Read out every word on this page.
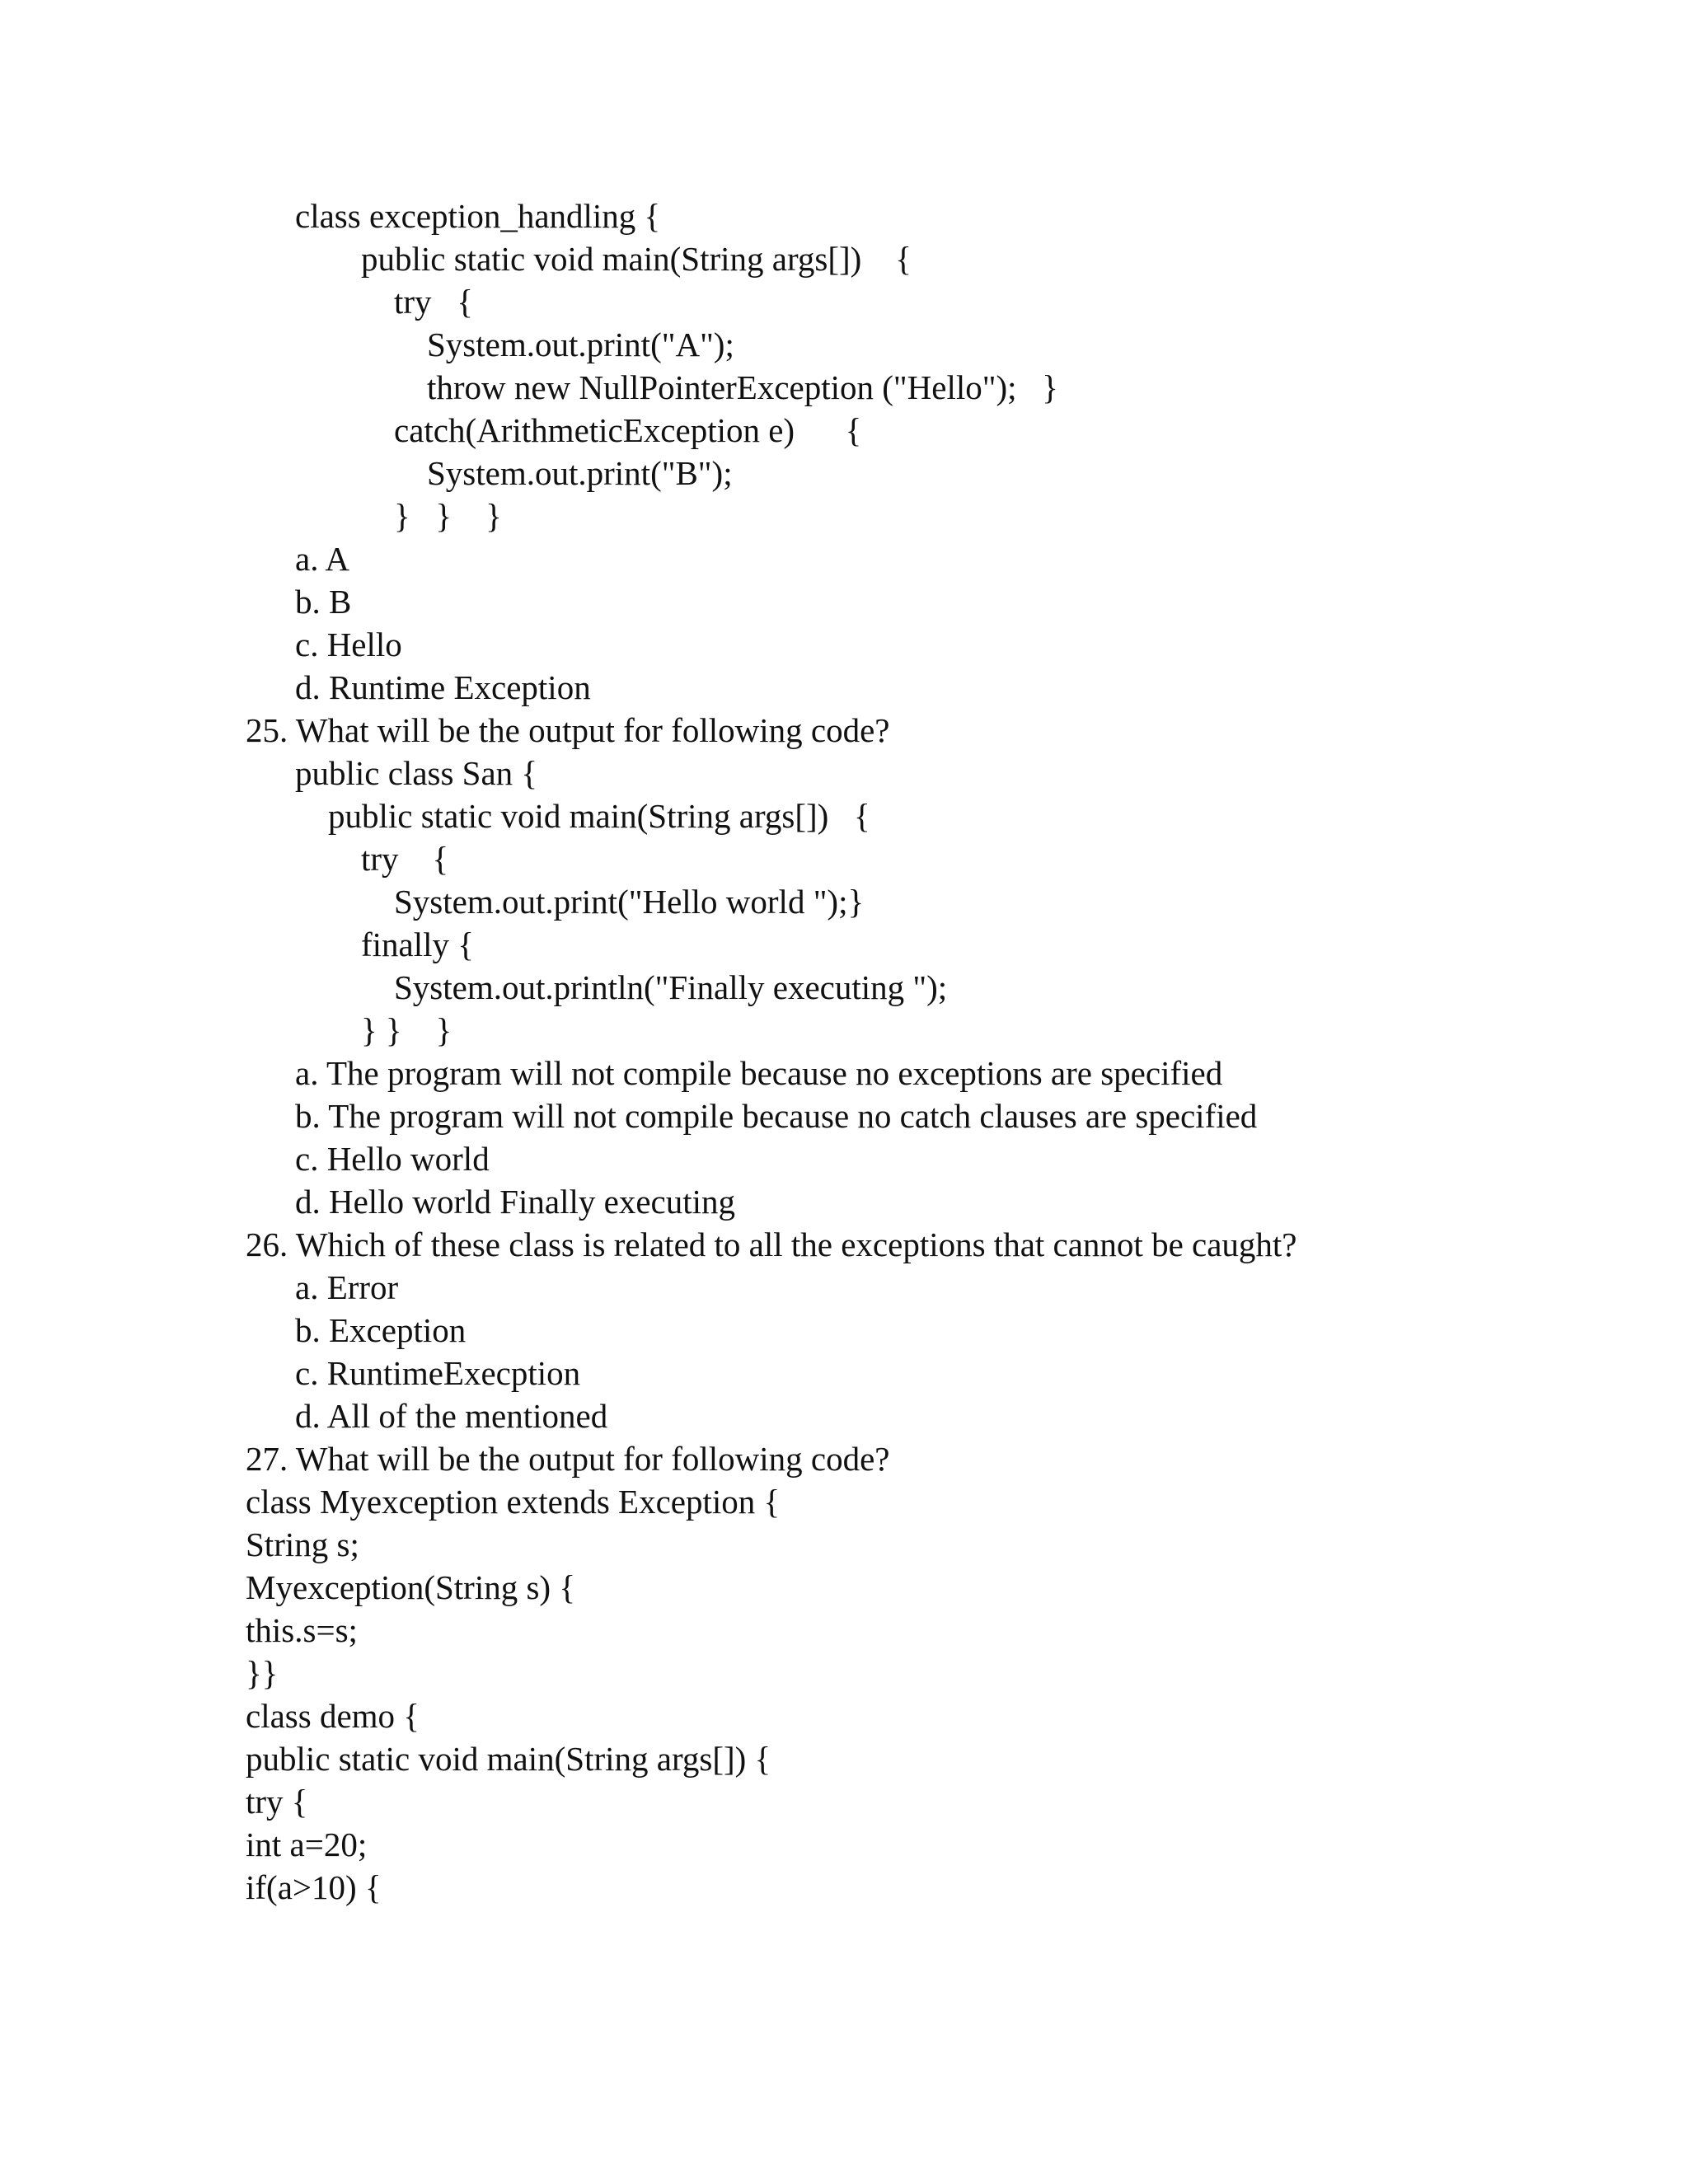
class exception_handling {

public static void main(String args[])    {

try   {

System.out.print("A");

throw new NullPointerException ("Hello");   }

catch(ArithmeticException e)      {

System.out.print("B");

}   }    }

a. A

b. B

c. Hello

d. Runtime Exception

25. What will be the output for following code?

public class San {

public static void main(String args[])   {

try    {

System.out.print("Hello world ");}

finally {

System.out.println("Finally executing ");

} }    }

a. The program will not compile because no exceptions are specified

b. The program will not compile because no catch clauses are specified

c. Hello world

d. Hello world Finally executing

26. Which of these class is related to all the exceptions that cannot be caught?

a. Error

b. Exception

c. RuntimeExecption

d. All of the mentioned

27. What will be the output for following code?

class Myexception extends Exception {

String s;

Myexception(String s) {

this.s=s;

}}

class demo {

public static void main(String args[]) {

try {

int a=20;

if(a>10) {
